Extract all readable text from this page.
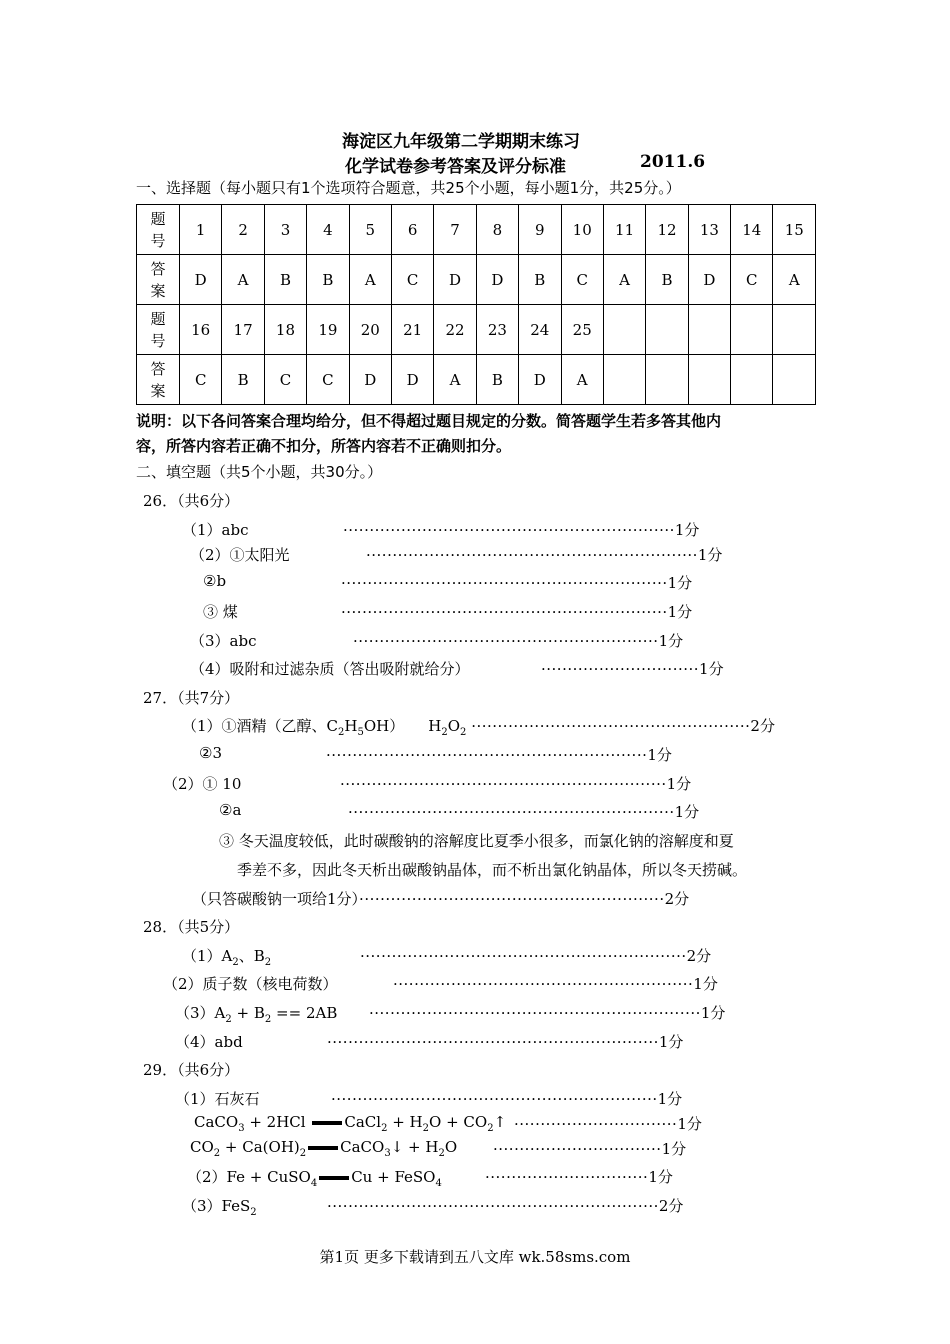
海淀区九年级第二学期期末练习
化学试卷参考答案及评分标准	2011.6
一、选择题（每小题只有1个选项符合题意，共25个小题，每小题1分，共25分。）
题
号	1	2	3	4	5	6	7	8	9	10	11	12	13	14	15
答
案	D	A	B	B	A	C	D	D	B	C	A	B	D	C	A
题
号	16	17	18	19	20	21	22	23	24	25					
答
案	C	B	C	C	D	D	A	B	D	A					
说明：以下各问答案合理均给分，但不得超过题目规定的分数。简答题学生若多答其他内
容，所答内容若正确不扣分，所答内容若不正确则扣分。
二、填空题（共5个小题，共30分。）
26．（共6分）
（1）abc	·······························································1分
（2）①太阳光	·······························································1分
②b	······························································1分
③ 煤	······························································1分
（3）abc	··························································1分
（4）吸附和过滤杂质（答出吸附就给分）	······························1分
27．（共7分）
（1）①酒精（乙醇、$C_2H_5OH$） $H_2O_2 \cdot\cdot\cdot\cdot\cdot\cdot\cdot\cdot\cdot\cdot\cdot\cdot\cdot\cdot\cdot\cdot\cdot\cdot\cdot\cdot\cdot\cdot\cdot\cdot\cdot\cdot\cdot\cdot\cdot\cdot\cdot\cdot\cdot\cdot\cdot\cdot\cdot\cdot\cdot\cdot\cdot\cdot\cdot\cdot\cdot\cdot\cdot\cdot\cdot\cdot\cdot\cdot\cdot 2$分
②3	·····························································1分
（2）① 10	······························································1分
②a	······························································1分
③ 冬天温度较低，此时碳酸钠的溶解度比夏季小很多，而氯化钠的溶解度和夏
季差不多，因此冬天析出碳酸钠晶体，而不析出氯化钠晶体，所以冬天捞碱。
（只答碳酸钠一项给1分）··························································2分
28．（共5分）
$(1)A_2$、$B_2$	······························································2分
（2）质子数（核电荷数）	·························································1分
$(3)A_2 + B_2 == 2AB \cdot\cdot\cdot\cdot\cdot\cdot\cdot\cdot\cdot\cdot\cdot\cdot\cdot\cdot\cdot\cdot\cdot\cdot\cdot\cdot\cdot\cdot\cdot\cdot\cdot\cdot\cdot\cdot\cdot\cdot\cdot\cdot\cdot\cdot\cdot\cdot\cdot\cdot\cdot\cdot\cdot\cdot\cdot\cdot\cdot\cdot\cdot\cdot\cdot\cdot\cdot\cdot\cdot\cdot\cdot\cdot\cdot\cdot\cdot\cdot\cdot\cdot\cdot 1$分
（4）abd	·······························································1分
29．（共6分）
（1）石灰石	······························································1分
CaCO$_3$ + 2HCl CaCl$_2$ + $H_2O$ + $CO_2↑ \cdot\cdot\cdot\cdot\cdot\cdot\cdot\cdot\cdot\cdot\cdot\cdot\cdot\cdot\cdot\cdot\cdot\cdot\cdot\cdot\cdot\cdot\cdot\cdot\cdot\cdot\cdot\cdot\cdot\cdot\cdot 1$分
$CO_2 + Ca(OH)_2$ CaCO$_3$↓ + $H_2O \cdot\cdot\cdot\cdot\cdot\cdot\cdot\cdot\cdot\cdot\cdot\cdot\cdot\cdot\cdot\cdot\cdot\cdot\cdot\cdot\cdot\cdot\cdot\cdot\cdot\cdot\cdot\cdot\cdot\cdot\cdot\cdot 1$分
（2）Fe + CuSO$_4$ Cu + FeSO$_4$	·······························1分
（3）FeS$_2$	·······························································2分
第1页 更多下载请到五八文库 wk.58sms.com
